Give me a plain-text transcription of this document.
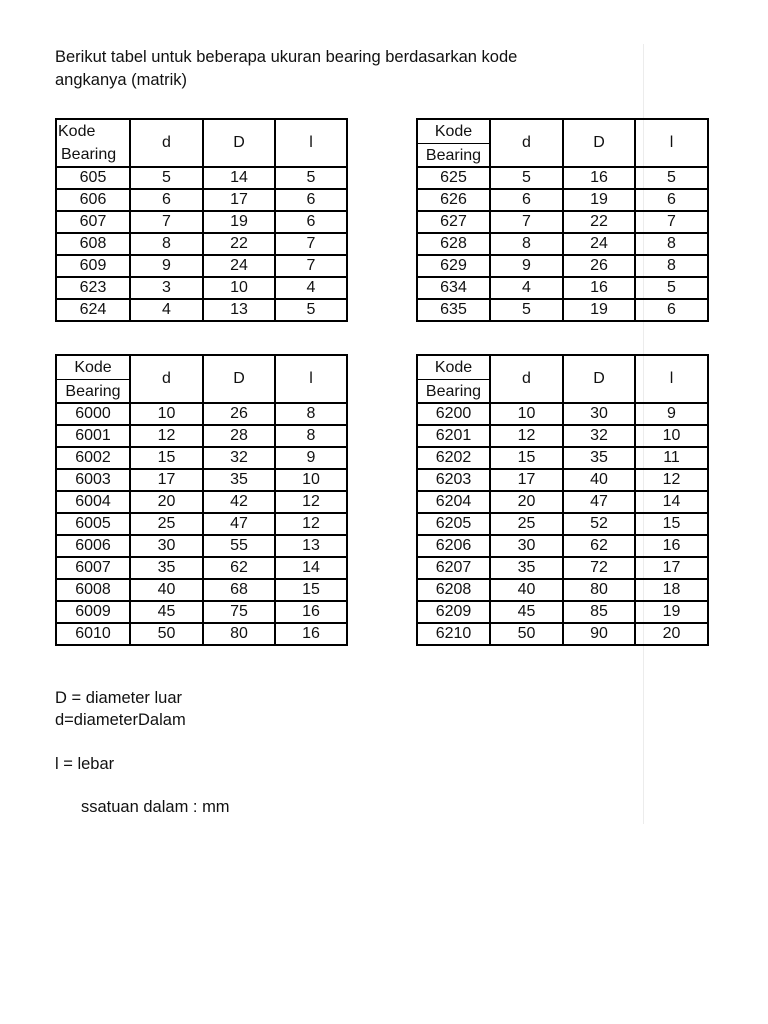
Berikut tabel untuk beberapa ukuran bearing berdasarkan kode
angkanya (matrik)
Kode
Bearing	d	D	l
605	5	14	5
606	6	17	6
607	7	19	6
608	8	22	7
609	9	24	7
623	3	10	4
624	4	13	5
Kode
Bearing	d	D	l
625	5	16	5
626	6	19	6
627	7	22	7
628	8	24	8
629	9	26	8
634	4	16	5
635	5	19	6
Kode
Bearing	d	D	l
6000	10	26	8
6001	12	28	8
6002	15	32	9
6003	17	35	10
6004	20	42	12
6005	25	47	12
6006	30	55	13
6007	35	62	14
6008	40	68	15
6009	45	75	16
6010	50	80	16
Kode
Bearing	d	D	l
6200	10	30	9
6201	12	32	10
6202	15	35	11
6203	17	40	12
6204	20	47	14
6205	25	52	15
6206	30	62	16
6207	35	72	17
6208	40	80	18
6209	45	85	19
6210	50	90	20
D = diameter luar
d=diameterDalam
l = lebar
ssatuan dalam : mm
